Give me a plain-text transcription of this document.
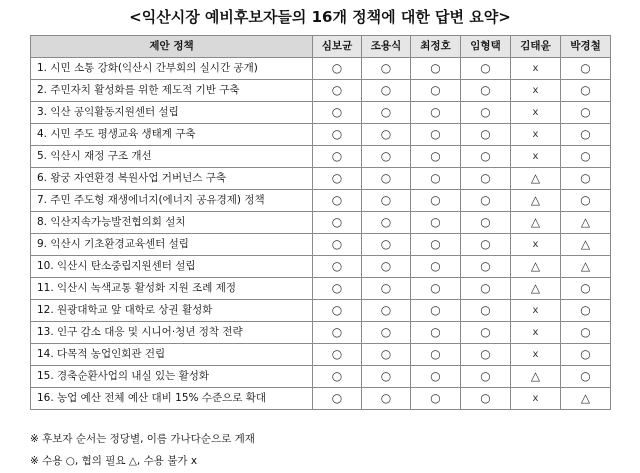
<익산시장 예비후보자들의 16개 정책에 대한 답변 요약>
제안 정책	심보균	조용식	최정호	임형택	김태윤	박경철
1. 시민 소통 강화(익산시 간부회의 실시간 공개)	○	○	○	○	x	○
2. 주민자치 활성화를 위한 제도적 기반 구축	○	○	○	○	x	○
3. 익산 공익활동지원센터 설립	○	○	○	○	x	○
4. 시민 주도 평생교육 생태계 구축	○	○	○	○	x	○
5. 익산시 재정 구조 개선	○	○	○	○	x	○
6. 왕궁 자연환경 복원사업 거버넌스 구축	○	○	○	○	△	○
7. 주민 주도형 재생에너지(에너지 공유경제) 정책	○	○	○	○	△	○
8. 익산지속가능발전협의회 설치	○	○	○	○	△	△
9. 익산시 기초환경교육센터 설립	○	○	○	○	x	△
10. 익산시 탄소중립지원센터 설립	○	○	○	○	△	△
11. 익산시 녹색교통 활성화 지원 조례 제정	○	○	○	○	△	○
12. 원광대학교 앞 대학로 상권 활성화	○	○	○	○	x	○
13. 인구 감소 대응 및 시니어·청년 정착 전략	○	○	○	○	x	○
14. 다목적 농업인회관 건립	○	○	○	○	x	○
15. 경축순환사업의 내실 있는 활성화	○	○	○	○	△	○
16. 농업 예산 전체 예산 대비 15% 수준으로 확대	○	○	○	○	x	△
※ 후보자 순서는 정당별, 이름 가나다순으로 게재
※ 수용 ○, 협의 필요 △, 수용 불가 x
